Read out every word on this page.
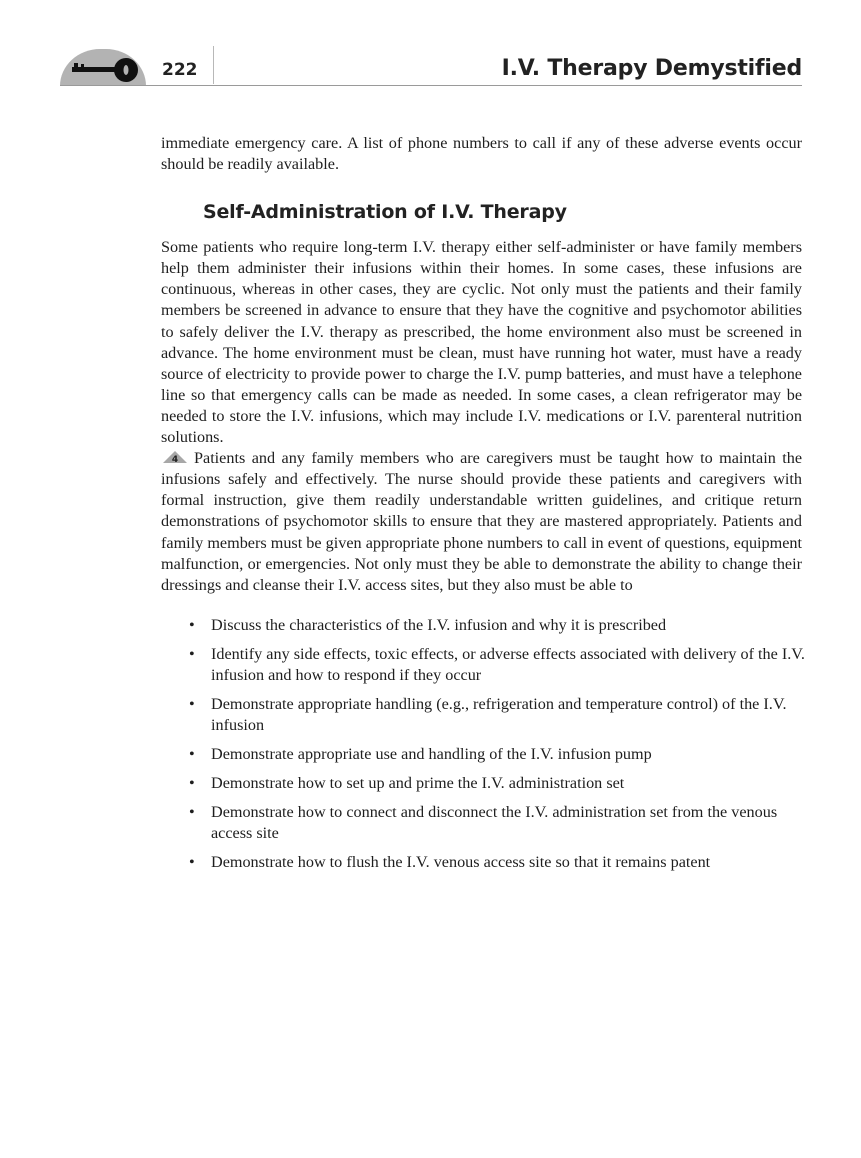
222	I.V. Therapy Demystified

immediate emergency care. A list of phone numbers to call if any of these adverse events occur should be readily available.

Self-Administration of I.V. Therapy

Some patients who require long-term I.V. therapy either self-administer or have family members help them administer their infusions within their homes. In some cases, these infusions are continuous, whereas in other cases, they are cyclic. Not only must the patients and their family members be screened in advance to ensure that they have the cognitive and psychomotor abilities to safely deliver the I.V. therapy as prescribed, the home environment also must be screened in advance. The home environment must be clean, must have running hot water, must have a ready source of electricity to provide power to charge the I.V. pump batteries, and must have a telephone line so that emergency calls can be made as needed. In some cases, a clean refrigerator may be needed to store the I.V. infusions, which may include I.V. medications or I.V. parenteral nutrition solutions.

4 Patients and any family members who are caregivers must be taught how to maintain the infusions safely and effectively. The nurse should provide these patients and caregivers with formal instruction, give them readily understandable written guidelines, and critique return demonstrations of psychomotor skills to ensure that they are mastered appropriately. Patients and family members must be given appropriate phone numbers to call in event of questions, equipment malfunction, or emergencies. Not only must they be able to demonstrate the ability to change their dressings and cleanse their I.V. access sites, but they also must be able to

• Discuss the characteristics of the I.V. infusion and why it is prescribed
• Identify any side effects, toxic effects, or adverse effects associated with delivery of the I.V. infusion and how to respond if they occur
• Demonstrate appropriate handling (e.g., refrigeration and temperature control) of the I.V. infusion
• Demonstrate appropriate use and handling of the I.V. infusion pump
• Demonstrate how to set up and prime the I.V. administration set
• Demonstrate how to connect and disconnect the I.V. administration set from the venous access site
• Demonstrate how to flush the I.V. venous access site so that it remains patent
